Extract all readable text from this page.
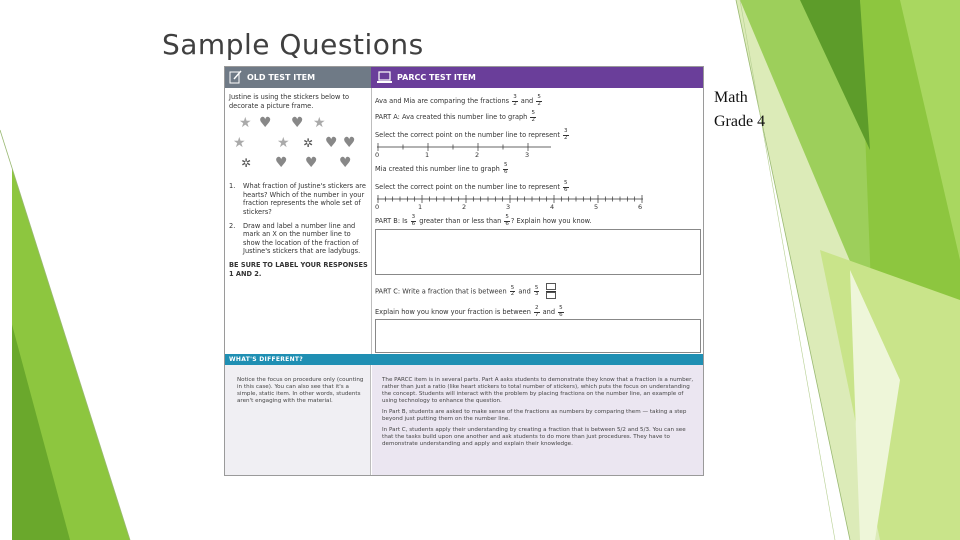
Sample Questions
Math
Grade 4
OLD TEST ITEM	PARCC TEST ITEM

Justine is using the stickers below to decorate a picture frame.

★ ♥ ♥ ★
★ ★ ✲ ♥ ♥
✲ ♥ ♥ ♥
1. What fraction of Justine's stickers are hearts? Which of the number in your fraction represents the whole set of stickers?
2. Draw and label a number line and mark an X on the number line to show the location of the fraction of Justine's stickers that are ladybugs.

BE SURE TO LABEL YOUR RESPONSES 1 AND 2.

Ava and Mia are comparing the fractions $\frac{3}{2}$ and $\frac{5}{2}$
PART A: Ava created this number line to graph $\frac{5}{2}$
Select the correct point on the number line to represent $\frac{3}{2}$
0	1	2	3
Mia created this number line to graph $\frac{5}{6}$
Select the correct point on the number line to represent $\frac{5}{6}$
0	1	2	3	4	5	6
PART B: Is $\frac{3}{6}$ greater than or less than $\frac{5}{6}$ ? Explain how you know.
PART C: Write a fraction that is between $\frac{5}{2}$ and $\frac{5}{3}$

Explain how you know your fraction is between $\frac{2}{7}$ and $\frac{5}{6}$
WHAT'S DIFFERENT?
Notice the focus on procedure only (counting in this case). You can also see that it's a simple, static item. In other words, students aren't engaging with the material.

The PARCC item is in several parts. Part A asks students to demonstrate they know that a fraction is a number, rather than just a ratio (like heart stickers to total number of stickers), which puts the focus on understanding the concept. Students will interact with the problem by placing fractions on the number line, an example of using technology to enhance the question.

In Part B, students are asked to make sense of the fractions as numbers by comparing them — taking a step beyond just putting them on the number line.

In Part C, students apply their understanding by creating a fraction that is between 5/2 and 5/3. You can see that the tasks build upon one another and ask students to do more than just procedures. They have to demonstrate understanding and apply and explain their knowledge.
